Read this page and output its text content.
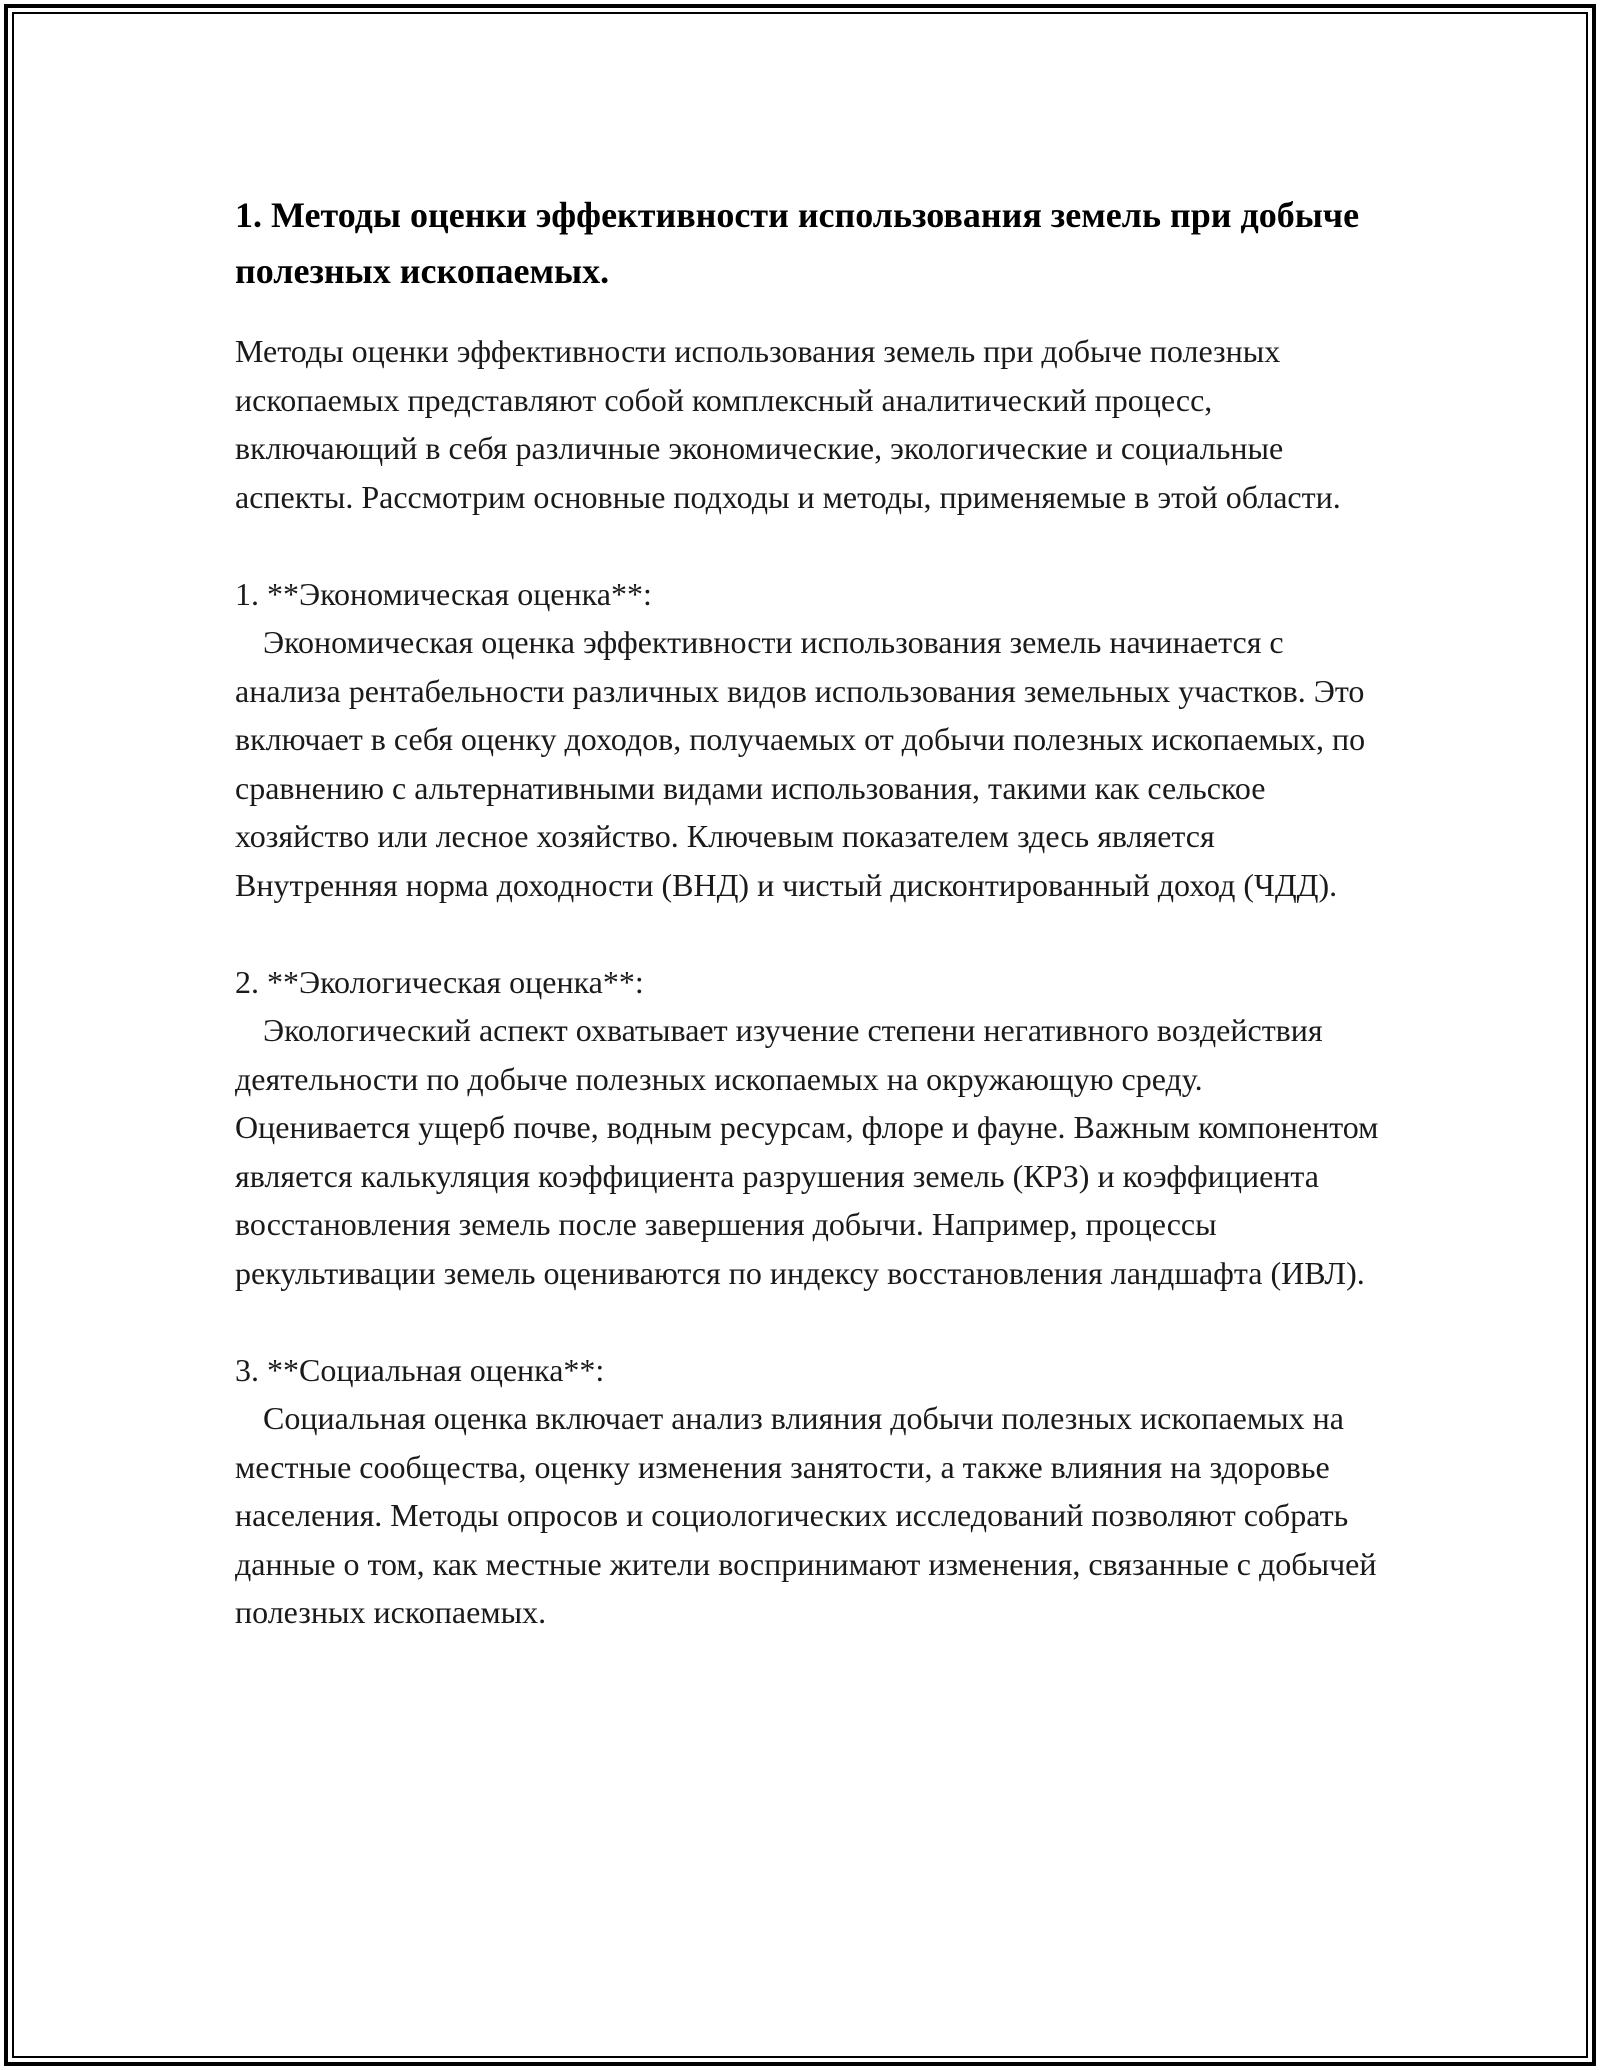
1. Методы оценки эффективности использования земель при добыче полезных ископаемых.

Методы оценки эффективности использования земель при добыче полезных ископаемых представляют собой комплексный аналитический процесс, включающий в себя различные экономические, экологические и социальные аспекты. Рассмотрим основные подходы и методы, применяемые в этой области.

1. **Экономическая оценка**:

Экономическая оценка эффективности использования земель начинается с анализа рентабельности различных видов использования земельных участков. Это включает в себя оценку доходов, получаемых от добычи полезных ископаемых, по сравнению с альтернативными видами использования, такими как сельское хозяйство или лесное хозяйство. Ключевым показателем здесь является Внутренняя норма доходности (ВНД) и чистый дисконтированный доход (ЧДД).

2. **Экологическая оценка**:

Экологический аспект охватывает изучение степени негативного воздействия деятельности по добыче полезных ископаемых на окружающую среду. Оценивается ущерб почве, водным ресурсам, флоре и фауне. Важным компонентом является калькуляция коэффициента разрушения земель (КРЗ) и коэффициента восстановления земель после завершения добычи. Например, процессы рекультивации земель оцениваются по индексу восстановления ландшафта (ИВЛ).

3. **Социальная оценка**:

Социальная оценка включает анализ влияния добычи полезных ископаемых на местные сообщества, оценку изменения занятости, а также влияния на здоровье населения. Методы опросов и социологических исследований позволяют собрать данные о том, как местные жители воспринимают изменения, связанные с добычей полезных ископаемых.
